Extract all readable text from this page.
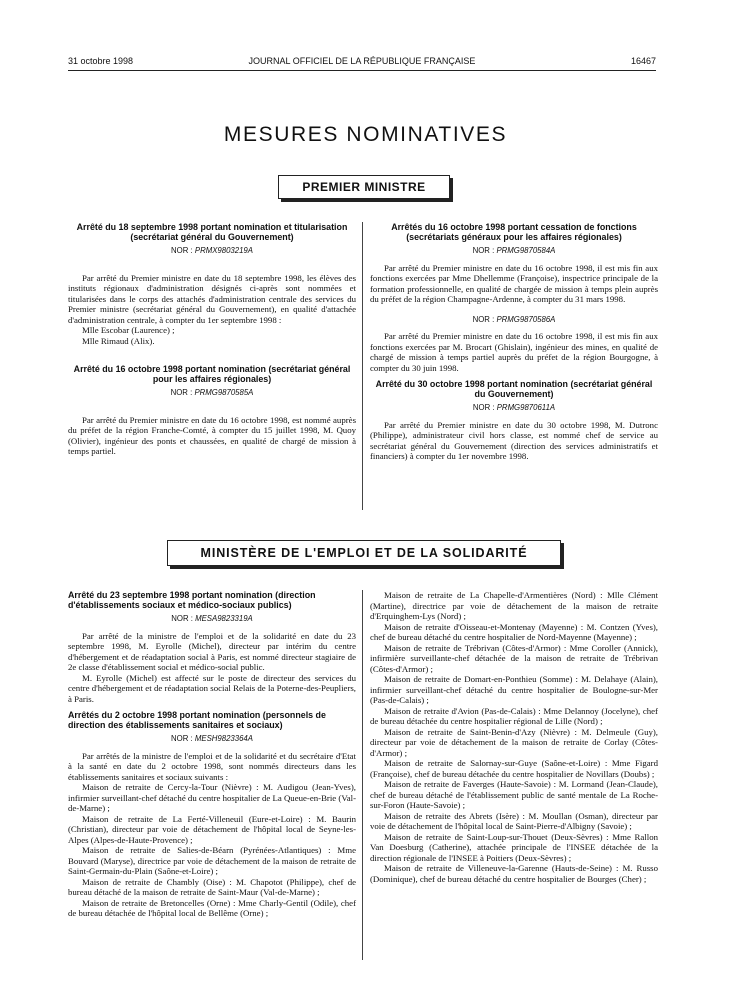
31 octobre 1998	JOURNAL OFFICIEL DE LA RÉPUBLIQUE FRANÇAISE	16467
MESURES NOMINATIVES
PREMIER MINISTRE

Arrêté du 18 septembre 1998 portant nomination et titularisation (secrétariat général du Gouvernement)

NOR : PRMX9803219A

Par arrêté du Premier ministre en date du 18 septembre 1998, les élèves des instituts régionaux d'administration désignés ci-après sont nommées et titularisées dans le corps des attachés d'administration centrale des services du Premier ministre (secrétariat général du Gouvernement), en qualité d'attachée d'administration centrale, à compter du 1er septembre 1998 :

Mlle Escobar (Laurence) ;

Mlle Rimaud (Alix).

Arrêté du 16 octobre 1998 portant nomination (secrétariat général pour les affaires régionales)

NOR : PRMG9870585A

Par arrêté du Premier ministre en date du 16 octobre 1998, est nommé auprès du préfet de la région Franche-Comté, à compter du 15 juillet 1998, M. Quoy (Olivier), ingénieur des ponts et chaussées, en qualité de chargé de mission à temps partiel.

Arrêtés du 16 octobre 1998 portant cessation de fonctions (secrétariats généraux pour les affaires régionales)

NOR : PRMG9870584A

Par arrêté du Premier ministre en date du 16 octobre 1998, il est mis fin aux fonctions exercées par Mme Dhellemme (Françoise), inspectrice principale de la formation professionnelle, en qualité de chargée de mission à temps plein auprès du préfet de la région Champagne-Ardenne, à compter du 31 mars 1998.

NOR : PRMG9870586A

Par arrêté du Premier ministre en date du 16 octobre 1998, il est mis fin aux fonctions exercées par M. Brocart (Ghislain), ingénieur des mines, en qualité de chargé de mission à temps partiel auprès du préfet de la région Bourgogne, à compter du 30 juin 1998.

Arrêté du 30 octobre 1998 portant nomination (secrétariat général du Gouvernement)

NOR : PRMG9870611A

Par arrêté du Premier ministre en date du 30 octobre 1998, M. Dutronc (Philippe), administrateur civil hors classe, est nommé chef de service au secrétariat général du Gouvernement (direction des services administratifs et financiers) à compter du 1er novembre 1998.

MINISTÈRE DE L'EMPLOI ET DE LA SOLIDARITÉ

Arrêté du 23 septembre 1998 portant nomination (direction d'établissements sociaux et médico-sociaux publics)

NOR : MESA9823319A

Par arrêté de la ministre de l'emploi et de la solidarité en date du 23 septembre 1998, M. Eyrolle (Michel), directeur par intérim du centre d'hébergement et de réadaptation social à Paris, est nommé directeur stagiaire de 2e classe d'établissement social et médico-social public.

M. Eyrolle (Michel) est affecté sur le poste de directeur des services du centre d'hébergement et de réadaptation social Relais de la Poterne-des-Peupliers, à Paris.

Arrêtés du 2 octobre 1998 portant nomination (personnels de direction des établissements sanitaires et sociaux)

NOR : MESH9823364A

Par arrêtés de la ministre de l'emploi et de la solidarité et du secrétaire d'Etat à la santé en date du 2 octobre 1998, sont nommés directeurs dans les établissements sanitaires et sociaux suivants :

Maison de retraite de Cercy-la-Tour (Nièvre) : M. Audigou (Jean-Yves), infirmier surveillant-chef détaché du centre hospitalier de La Queue-en-Brie (Val-de-Marne) ;

Maison de retraite de La Ferté-Villeneuil (Eure-et-Loire) : M. Baurin (Christian), directeur par voie de détachement de l'hôpital local de Seyne-les-Alpes (Alpes-de-Haute-Provence) ;

Maison de retraite de Salies-de-Béarn (Pyrénées-Atlantiques) : Mme Bouvard (Maryse), directrice par voie de détachement de la maison de retraite de Saint-Germain-du-Plain (Saône-et-Loire) ;

Maison de retraite de Chambly (Oise) : M. Chapotot (Philippe), chef de bureau détaché de la maison de retraite de Saint-Maur (Val-de-Marne) ;

Maison de retraite de Bretoncelles (Orne) : Mme Charly-Gentil (Odile), chef de bureau détachée de l'hôpital local de Bellême (Orne) ;

Maison de retraite de La Chapelle-d'Armentières (Nord) : Mlle Clément (Martine), directrice par voie de détachement de la maison de retraite d'Erquinghem-Lys (Nord) ;

Maison de retraite d'Oisseau-et-Montenay (Mayenne) : M. Contzen (Yves), chef de bureau détaché du centre hospitalier de Nord-Mayenne (Mayenne) ;

Maison de retraite de Trébrivan (Côtes-d'Armor) : Mme Coroller (Annick), infirmière surveillante-chef détachée de la maison de retraite de Trébrivan (Côtes-d'Armor) ;

Maison de retraite de Domart-en-Ponthieu (Somme) : M. Delahaye (Alain), infirmier surveillant-chef détaché du centre hospitalier de Boulogne-sur-Mer (Pas-de-Calais) ;

Maison de retraite d'Avion (Pas-de-Calais) : Mme Delannoy (Jocelyne), chef de bureau détachée du centre hospitalier régional de Lille (Nord) ;

Maison de retraite de Saint-Benin-d'Azy (Nièvre) : M. Delmeule (Guy), directeur par voie de détachement de la maison de retraite de Corlay (Côtes-d'Armor) ;

Maison de retraite de Salornay-sur-Guye (Saône-et-Loire) : Mme Figard (Françoise), chef de bureau détachée du centre hospitalier de Novillars (Doubs) ;

Maison de retraite de Faverges (Haute-Savoie) : M. Lormand (Jean-Claude), chef de bureau détaché de l'établissement public de santé mentale de La Roche-sur-Foron (Haute-Savoie) ;

Maison de retraite des Abrets (Isère) : M. Moullan (Osman), directeur par voie de détachement de l'hôpital local de Saint-Pierre-d'Albigny (Savoie) ;

Maison de retraite de Saint-Loup-sur-Thouet (Deux-Sèvres) : Mme Rallon Van Doesburg (Catherine), attachée principale de l'INSEE détachée de la direction régionale de l'INSEE à Poitiers (Deux-Sèvres) ;

Maison de retraite de Villeneuve-la-Garenne (Hauts-de-Seine) : M. Russo (Dominique), chef de bureau détaché du centre hospitalier de Bourges (Cher) ;
